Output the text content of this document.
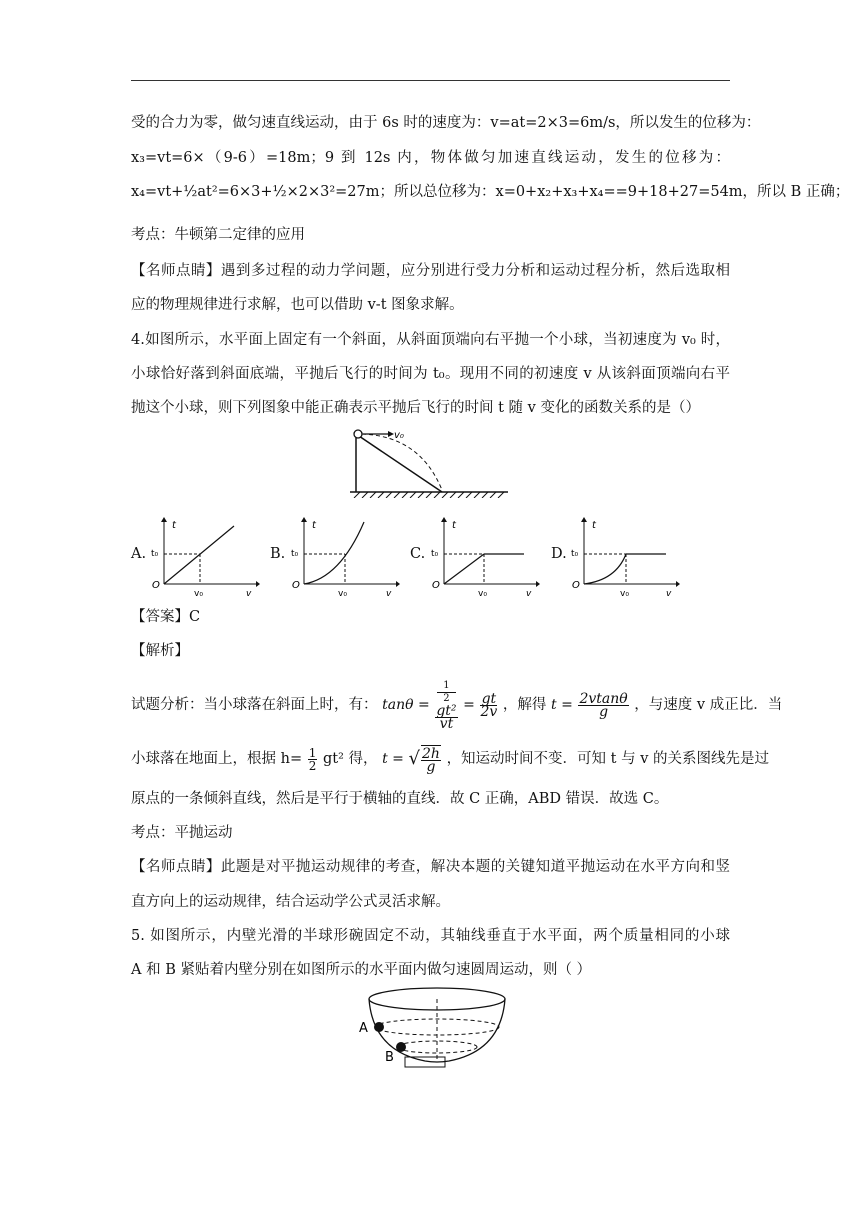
受的合力为零，做匀速直线运动，由于 6s 时的速度为：v=at=2×3=6m/s，所以发生的位移为：
x₃=vt=6×（9-6）=18m；9 到 12s 内，物体做匀加速直线运动，发生的位移为：
x₄=vt+½at²=6×3+½×2×3²=27m；所以总位移为：x=0+x₂+x₃+x₄==9+18+27=54m，所以 B 正确；
考点：牛顿第二定律的应用
【名师点睛】遇到多过程的动力学问题，应分别进行受力分析和运动过程分析，然后选取相
应的物理规律进行求解，也可以借助 v-t 图象求解。
4.如图所示，水平面上固定有一个斜面，从斜面顶端向右平抛一个小球，当初速度为 v₀ 时，
小球恰好落到斜面底端，平抛后飞行的时间为 t₀。现用不同的初速度 v 从该斜面顶端向右平
抛这个小球，则下列图象中能正确表示平抛后飞行的时间 t 随 v 变化的函数关系的是（）
v₀
A.
t
t₀
O
v
v₀
B.
t
t₀
O
v
v₀
C.
t
t₀
O
v
v₀
D.
t
t₀
O
v
v₀
【答案】C
【解析】
试题分析：当小球落在斜面上时，有： tanθ = 1
2
gt²
vt = $\frac{gt}{2v}$ ，解得 $t = \frac{2vtan\theta}{g}$ ，与速度 v 成正比．当
小球落在地面上，根据 $h= \frac{1}{2} gt^2$ 得， t = √ $\frac{2h}{g}$ ，知运动时间不变．可知 t 与 v 的关系图线先是过
原点的一条倾斜直线，然后是平行于横轴的直线．故 C 正确，ABD 错误．故选 C。
考点：平抛运动
【名师点睛】此题是对平抛运动规律的考查，解决本题的关键知道平抛运动在水平方向和竖
直方向上的运动规律，结合运动学公式灵活求解。
5. 如图所示，内壁光滑的半球形碗固定不动，其轴线垂直于水平面，两个质量相同的小球
A 和 B 紧贴着内壁分别在如图所示的水平面内做匀速圆周运动，则（ ）
A
B
